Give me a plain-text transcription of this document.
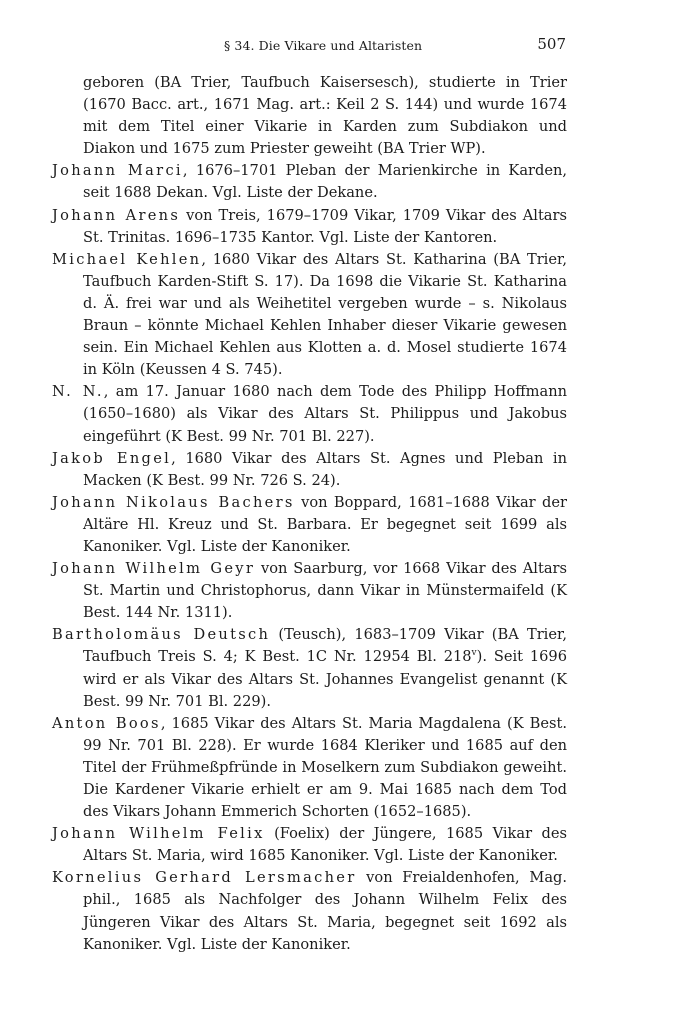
§ 34. Die Vikare und Altaristen	507

geboren (BA Trier, Taufbuch Kaisersesch), studierte in Trier (1670 Bacc. art., 1671 Mag. art.: Keil 2 S. 144) und wurde 1674 mit dem Titel einer Vikarie in Karden zum Subdiakon und Diakon und 1675 zum Priester geweiht (BA Trier WP).

Johann Marci, 1676–1701 Pleban der Marienkirche in Karden, seit 1688 Dekan. Vgl. Liste der Dekane.

Johann Arens von Treis, 1679–1709 Vikar, 1709 Vikar des Altars St. Trinitas. 1696–1735 Kantor. Vgl. Liste der Kantoren.

Michael Kehlen, 1680 Vikar des Altars St. Katharina (BA Trier, Taufbuch Karden-Stift S. 17). Da 1698 die Vikarie St. Katharina d. Ä. frei war und als Weihetitel vergeben wurde – s. Nikolaus Braun – könnte Michael Kehlen Inhaber dieser Vikarie gewesen sein. Ein Michael Kehlen aus Klotten a. d. Mosel studierte 1674 in Köln (Keussen 4 S. 745).

N. N., am 17. Januar 1680 nach dem Tode des Philipp Hoffmann (1650–1680) als Vikar des Altars St. Philippus und Jakobus eingeführt (K Best. 99 Nr. 701 Bl. 227).

Jakob Engel, 1680 Vikar des Altars St. Agnes und Pleban in Macken (K Best. 99 Nr. 726 S. 24).

Johann Nikolaus Bachers von Boppard, 1681–1688 Vikar der Altäre Hl. Kreuz und St. Barbara. Er begegnet seit 1699 als Kanoniker. Vgl. Liste der Kanoniker.

Johann Wilhelm Geyr von Saarburg, vor 1668 Vikar des Altars St. Martin und Christophorus, dann Vikar in Münstermaifeld (K Best. 144 Nr. 1311).

Bartholomäus Deutsch (Teusch), 1683–1709 Vikar (BA Trier, Taufbuch Treis S. 4; K Best. 1C Nr. 12954 Bl. 218$^v$). Seit 1696 wird er als Vikar des Altars St. Johannes Evangelist genannt (K Best. 99 Nr. 701 Bl. 229).

Anton Boos, 1685 Vikar des Altars St. Maria Magdalena (K Best. 99 Nr. 701 Bl. 228). Er wurde 1684 Kleriker und 1685 auf den Titel der Frühmeßpfründe in Moselkern zum Subdiakon geweiht. Die Kardener Vikarie erhielt er am 9. Mai 1685 nach dem Tod des Vikars Johann Emmerich Schorten (1652–1685).

Johann Wilhelm Felix (Foelix) der Jüngere, 1685 Vikar des Altars St. Maria, wird 1685 Kanoniker. Vgl. Liste der Kanoniker.

Kornelius Gerhard Lersmacher von Freialdenhofen, Mag. phil., 1685 als Nachfolger des Johann Wilhelm Felix des Jüngeren Vikar des Altars St. Maria, begegnet seit 1692 als Kanoniker. Vgl. Liste der Kanoniker.
